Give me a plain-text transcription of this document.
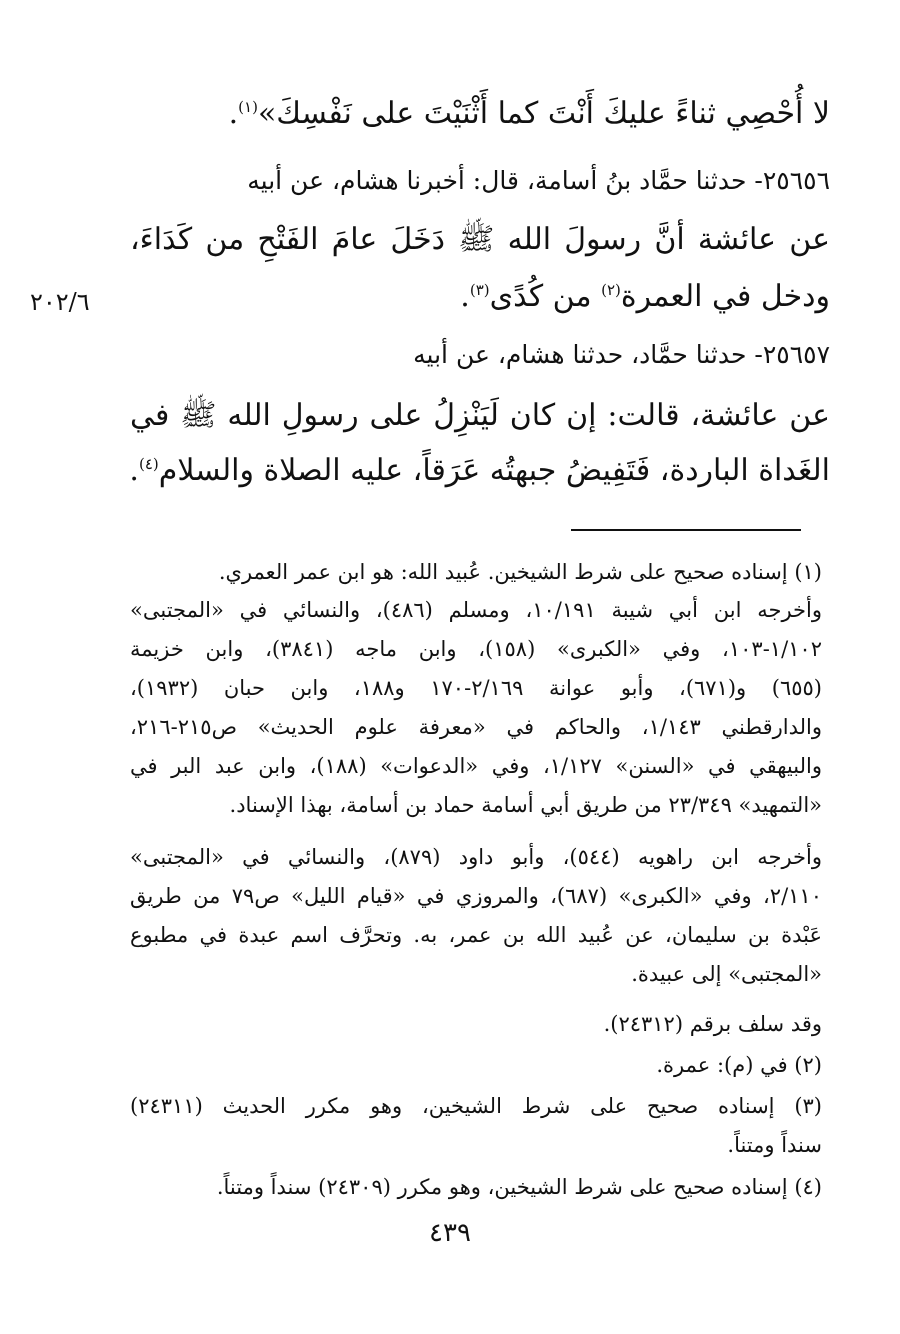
٢٠٢/٦
لا أُحْصِي ثناءً عليكَ أَنْتَ كما أَثْنَيْتَ على نَفْسِكَ»$^{(١)}$.
٢٥٦٥٦- حدثنا حمَّاد بنُ أسامة، قال: أخبرنا هشام، عن أبيه
عن عائشة أنَّ رسولَ الله ﷺ دَخَلَ عامَ الفَتْحِ من كَدَاءَ،
ودخل في العمرة$^{(٢)}$ من كُدًى$^{(٣)}$.
٢٥٦٥٧- حدثنا حمَّاد، حدثنا هشام، عن أبيه
عن عائشة، قالت: إن كان لَيَنْزِلُ على رسولِ الله ﷺ في
الغَداة الباردة، فَتَفِيضُ جبهتُه عَرَقاً، عليه الصلاة والسلام$^{(٤)}$.
(١) إسناده صحيح على شرط الشيخين. عُبيد الله: هو ابن عمر العمري.
وأخرجه ابن أبي شيبة ١٠/١٩١، ومسلم (٤٨٦)، والنسائي في «المجتبى»
١/١٠٢-١٠٣، وفي «الكبرى» (١٥٨)، وابن ماجه (٣٨٤١)، وابن خزيمة
(٦٥٥) و(٦٧١)، وأبو عوانة ٢/١٦٩-١٧٠ و١٨٨، وابن حبان (١٩٣٢)،
والدارقطني ١/١٤٣، والحاكم في «معرفة علوم الحديث» ص٢١٥-٢١٦،
والبيهقي في «السنن» ١/١٢٧، وفي «الدعوات» (١٨٨)، وابن عبد البر في
«التمهيد» ٢٣/٣٤٩ من طريق أبي أسامة حماد بن أسامة، بهذا الإسناد.
وأخرجه ابن راهويه (٥٤٤)، وأبو داود (٨٧٩)، والنسائي في «المجتبى»
٢/١١٠، وفي «الكبرى» (٦٨٧)، والمروزي في «قيام الليل» ص٧٩ من طريق
عَبْدة بن سليمان، عن عُبيد الله بن عمر، به. وتحرَّف اسم عبدة في مطبوع
«المجتبى» إلى عبيدة.
وقد سلف برقم (٢٤٣١٢).
(٢) في (م): عمرة.
(٣) إسناده صحيح على شرط الشيخين، وهو مكرر الحديث (٢٤٣١١)
سنداً ومتناً.
(٤) إسناده صحيح على شرط الشيخين، وهو مكرر (٢٤٣٠٩) سنداً ومتناً.
٤٣٩
